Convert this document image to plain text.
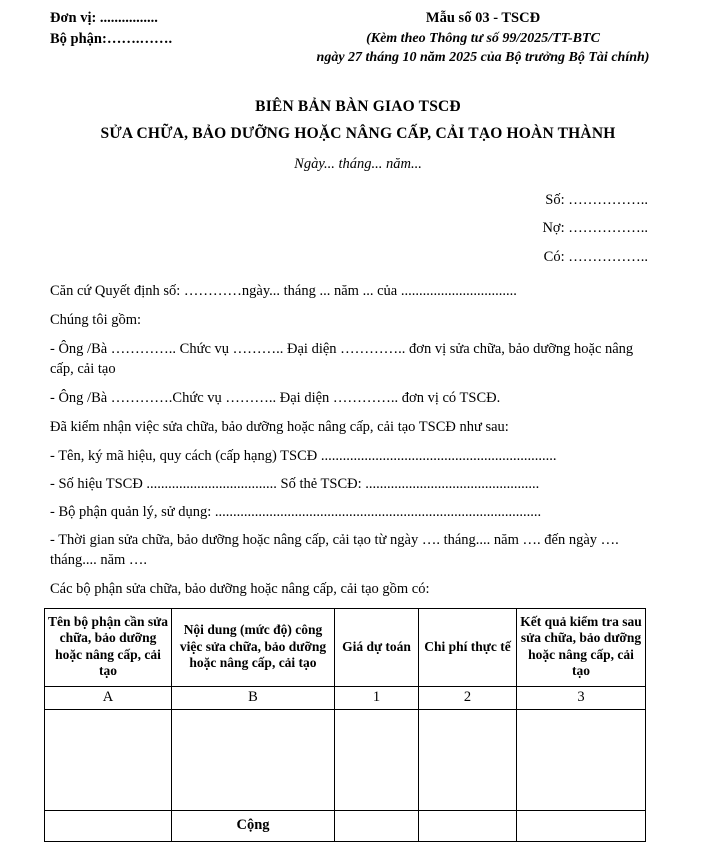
Đơn vị: ................
Bộ phận:…….…….
Mẫu số 03 - TSCĐ
(Kèm theo Thông tư số 99/2025/TT-BTC
ngày 27 tháng 10 năm 2025 của Bộ trưởng Bộ Tài chính)
BIÊN BẢN BÀN GIAO TSCĐ
SỬA CHỮA, BẢO DƯỠNG HOẶC NÂNG CẤP, CẢI TẠO HOÀN THÀNH
Ngày... tháng... năm...
Số: ……………..
Nợ: ……………..
Có: ……………..
Căn cứ Quyết định số: …………ngày... tháng ... năm ... của ................................
Chúng tôi gồm:
- Ông /Bà ………….. Chức vụ ……….. Đại diện ………….. đơn vị sửa chữa, bảo dưỡng hoặc nâng cấp, cải tạo
- Ông /Bà ………….Chức vụ ……….. Đại diện ………….. đơn vị có TSCĐ.
Đã kiểm nhận việc sửa chữa, bảo dưỡng hoặc nâng cấp, cải tạo TSCĐ như sau:
- Tên, ký mã hiệu, quy cách (cấp hạng) TSCĐ .................................................................
- Số hiệu TSCĐ .................................... Số thẻ TSCĐ: ................................................
- Bộ phận quản lý, sử dụng: ..........................................................................................
- Thời gian sửa chữa, bảo dưỡng hoặc nâng cấp, cải tạo từ ngày …. tháng.... năm …. đến ngày …. tháng.... năm ….
Các bộ phận sửa chữa, bảo dưỡng hoặc nâng cấp, cải tạo gồm có:
Tên bộ phận cần sửa chữa, bảo dưỡng hoặc nâng cấp, cải tạo	Nội dung (mức độ) công việc sửa chữa, bảo dưỡng hoặc nâng cấp, cải tạo	Giá dự toán	Chi phí thực tế	Kết quả kiểm tra sau sửa chữa, bảo dưỡng hoặc nâng cấp, cải tạo
A	B	1	2	3

	Cộng			
